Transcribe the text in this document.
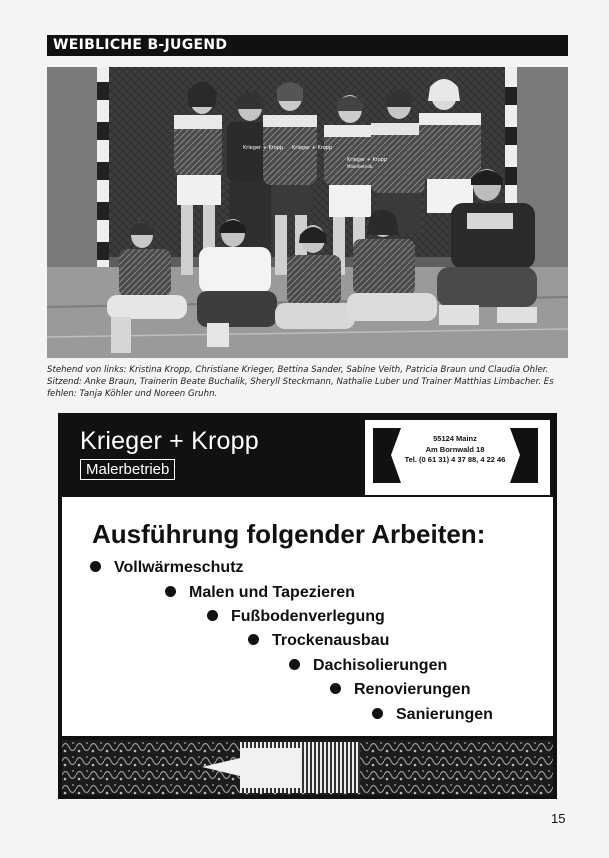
WEIBLICHE B-JUGEND
Krieger + Kropp Krieger + Kropp
Krieger + Kropp
Malerbetrieb
Stehend von links: Kristina Kropp, Christiane Krieger, Bettina Sander, Sabine Veith, Patricia Braun und Claudia Ohler. Sitzend: Anke Braun, Trainerin Beate Buchalik, Sheryll Steckmann, Nathalie Luber und Trainer Matthias Limbacher. Es fehlen: Tanja Köhler und Noreen Gruhn.
Krieger + Kropp
Malerbetrieb
55124 Mainz
Am Bornwald 18
Tel. (0 61 31) 4 37 88, 4 22 46
Ausführung folgender Arbeiten:
Vollwärmeschutz
Malen und Tapezieren
Fußbodenverlegung
Trockenausbau
Dachisolierungen
Renovierungen
Sanierungen
15
